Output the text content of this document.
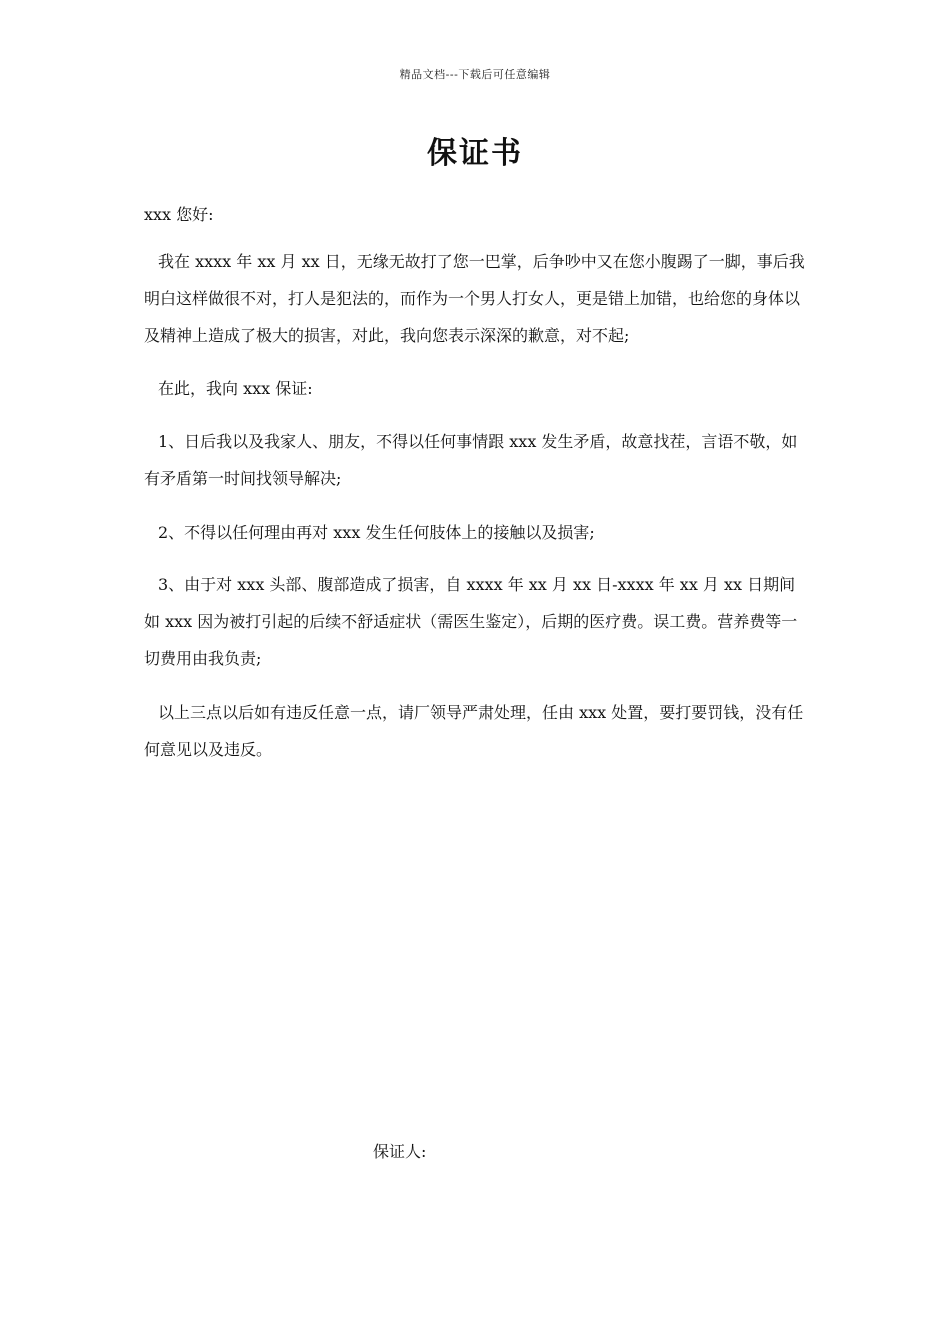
精品文档---下载后可任意编辑
保证书
xxx 您好:
我在 xxxx 年 xx 月 xx 日，无缘无故打了您一巴掌，后争吵中又在您小腹踢了一脚，事后我明白这样做很不对，打人是犯法的，而作为一个男人打女人，更是错上加错，也给您的身体以及精神上造成了极大的损害，对此，我向您表示深深的歉意，对不起;
在此，我向 xxx 保证:
1、日后我以及我家人、朋友，不得以任何事情跟 xxx 发生矛盾，故意找茬，言语不敬，如有矛盾第一时间找领导解决;
2、不得以任何理由再对 xxx 发生任何肢体上的接触以及损害;
3、由于对 xxx 头部、腹部造成了损害，自 xxxx 年 xx 月 xx 日-xxxx 年 xx 月 xx 日期间如 xxx 因为被打引起的后续不舒适症状（需医生鉴定），后期的医疗费。误工费。营养费等一切费用由我负责;
以上三点以后如有违反任意一点，请厂领导严肃处理，任由 xxx 处置，要打要罚钱，没有任何意见以及违反。
保证人:
